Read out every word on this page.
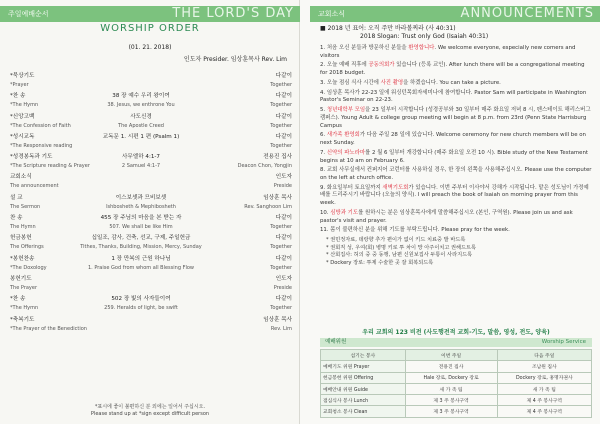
주일예배순서	THE LORD'S DAY
WORSHIP ORDER
(01. 21. 2018)
인도자 Presider. 임상훈목사 Rev. Lim
*묵상기도	다같이
*Prayer	Together
*찬 송	38 장 예수 우리 왕이여	다같이
*The Hymn	38. Jesus, we enthrone You	Together
*신앙고백	사도신경	다같이
*The Confession of Faith	The Apostle Creed	Together
*성시교독	교독문 1. 시편 1 편 (Psalm 1)	다같이
*The Responsive reading	Together
*성경봉독과 기도	사무엘하 4:1-7	전용진 집사
*The Scripture reading & Prayer	2 Samuel 4:1-7	Deacon Chon, Yongjin
교회소식	인도자
The announcement	Preside
설 교	이스보셋과 므비보셋	임상훈 목사
The Sermon	Ishbosheth & Mephibosheth	Rev. Sanghoon Lim
찬 송	455 장 주님의 마음을 본 받는 자	다같이
The Hymn	507. We shall be like Him	Together
헌금봉헌	십일조, 감사, 건축, 선교, 구제, 주일헌금	다같이
The Offerings	Tithes, Thanks, Building, Mission, Mercy, Sunday	Together
*봉헌찬송	1 장 만복의 근원 하나님	다같이
*The Doxology	1. Praise God from whom all Blessing Flow	Together
봉헌기도	인도자
The Prayer	Preside
*찬 송	502 장 빛의 사자들이여	다같이
*The Hymn	259. Heralds of light, be swift	Together
*축복기도	임상훈 목사
*The Prayer of the Benediction	Rev. Lim
*표시에 좋이 불편하신 분 외에는 일어서 주십시오.
Please stand up at *sign except difficult person
교회소식	ANNOUNCEMENTS
■ 2018 년 표어: 오직 주만 바라볼찌라 (사 40:31)
2018 Slogan: Trust only God (Isaiah 40:31)
1. 처음 오신 분들과 방문하신 분들을 환영합니다. We welcome everyone, especially new comers and visitors
2. 오늘 예배 직후에 공동의회가 있습니다 (등록 교인). After lunch there will be a congregational meeting for 2018 budget.
3. 오늘 점심 식사 시간에 사진 촬영을 하겠습니다. You can take a picture.
4. 임상훈 목사가 22-23 일에 워싱턴목회자세미나에 참여합니다. Pastor Sam will participate in Washington Pastor's Seminar on 22-23.
5. 청년대학부 모임을 23 일부터 시작합니다 (성경공부와 30 일부터 매주 화요일 저녁 8 시, 펜스테이트 해리스버그 캠퍼스). Young Adult & college group meeting will begin at 8 p.m. from 23rd (Penn State Harrisburg Campus
6. 새가족 환영회가 다음 주일 28 일에 있습니다. Welcome ceremony for new church members will be on next Sunday.
7. 신약의 파노라마를 2 월 6 일부터 개강합니다 (매주 화요일 오전 10 시). Bible study of the New Testament begins at 10 am on February 6.
8. 교회 사무실에서 컨퍼지어 코런터를 사용하실 경우, 한 장의 왼쪽을 사용해주십시오. Please use the computer on the left at church office.
9. 화요일부터 토요일까지 새벽기도회가 있습니다. 이번 주부터 이사야서 강해가 시작됩니다. 맡은 성도님이 가정예배를 드리주시기 바랍니다 (오늘의 양식). I will preach the book of Isaiah on morning prayer from this week.
10. 심방과 기도를 원하시는 분은 임상훈목사에게 말씀해주십시오 (본인, 구역원). Please join us and ask pastor's visit and prayer.
11. 몸이 불편하신 분을 위해 기도를 부탁드립니다. Please pray for the week.
* 권민정자료, 데랑향 추가 편이가 없이 키드 치료중 발 바드록
* 권회직 성, 우여(회) 병명 키로 투 차이 망 아주이치고 권해드트록
* 산회집사: 허의 중 중 동행, 남편 신원보집사 두통이 사라지드록
* Dockery 장로: 투제 수술한 곳 잘 회복되드록
우리 교회의 123 비전 (사도행전적 교회-기도, 말씀, 영성, 전도, 양육)
예배위원	Worship Service
섬기는 봉사	이번 주일	다음 주일
예배기도 위원 Prayer	전용진 집사	조남원 집사
헌금봉헌 위원 Offering	Hale 장로, Dockery 장로	Dockery 장로, 홍명자권사
예배안내 위원 Guide	새 가 족 팀	새 가 족 팀
점심식사 봉사 Lunch	제 3 주 봉사구역	제 4 주 봉사구역
교회청소 봉사 Clean	제 3 주 봉사구역	제 4 주 봉사구역
